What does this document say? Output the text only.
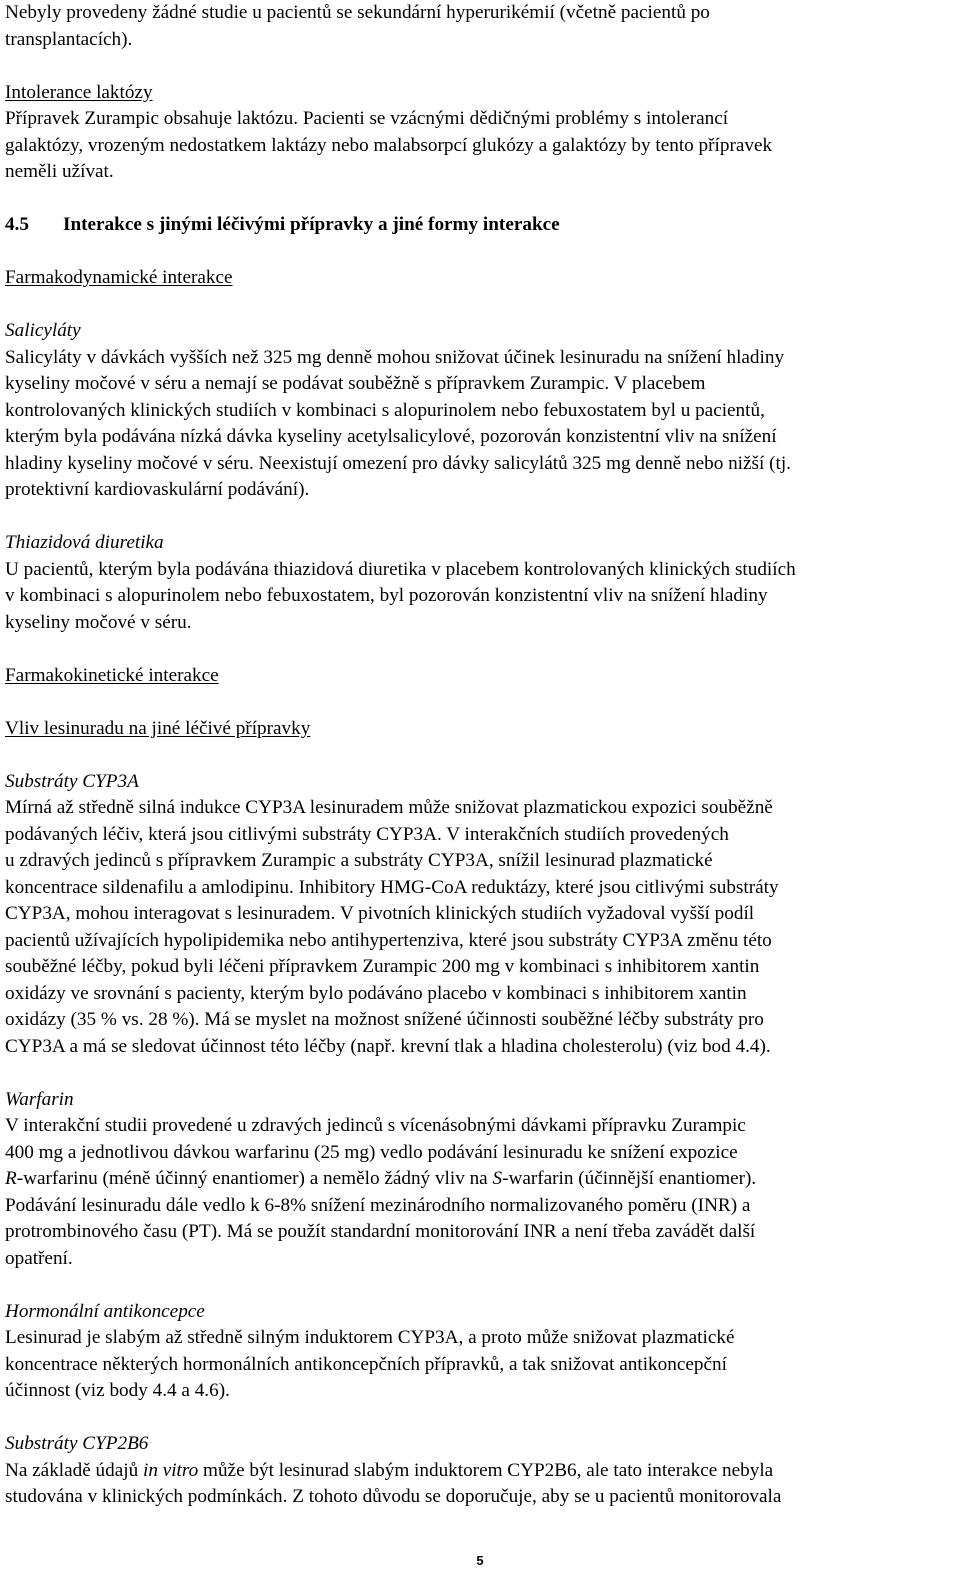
Nebyly provedeny žádné studie u pacientů se sekundární hyperurikémií (včetně pacientů po
transplantacích).

Intolerance laktózy
Přípravek Zurampic obsahuje laktózu. Pacienti se vzácnými dědičnými problémy s intolerancí
galaktózy, vrozeným nedostatkem laktázy nebo malabsorpcí glukózy a galaktózy by tento přípravek
neměli užívat.

4.5 Interakce s jinými léčivými přípravky a jiné formy interakce

Farmakodynamické interakce

Salicyláty
Salicyláty v dávkách vyšších než 325 mg denně mohou snižovat účinek lesinuradu na snížení hladiny
kyseliny močové v séru a nemají se podávat souběžně s přípravkem Zurampic. V placebem
kontrolovaných klinických studiích v kombinaci s alopurinolem nebo febuxostatem byl u pacientů,
kterým byla podávána nízká dávka kyseliny acetylsalicylové, pozorován konzistentní vliv na snížení
hladiny kyseliny močové v séru. Neexistují omezení pro dávky salicylátů 325 mg denně nebo nižší (tj.
protektivní kardiovaskulární podávání).

Thiazidová diuretika
U pacientů, kterým byla podávána thiazidová diuretika v placebem kontrolovaných klinických studiích
v kombinaci s alopurinolem nebo febuxostatem, byl pozorován konzistentní vliv na snížení hladiny
kyseliny močové v séru.

Farmakokinetické interakce

Vliv lesinuradu na jiné léčivé přípravky

Substráty CYP3A
Mírná až středně silná indukce CYP3A lesinuradem může snižovat plazmatickou expozici souběžně
podávaných léčiv, která jsou citlivými substráty CYP3A. V interakčních studiích provedených
u zdravých jedinců s přípravkem Zurampic a substráty CYP3A, snížil lesinurad plazmatické
koncentrace sildenafilu a amlodipinu. Inhibitory HMG-CoA reduktázy, které jsou citlivými substráty
CYP3A, mohou interagovat s lesinuradem. V pivotních klinických studiích vyžadoval vyšší podíl
pacientů užívajících hypolipidemika nebo antihypertenziva, které jsou substráty CYP3A změnu této
souběžné léčby, pokud byli léčeni přípravkem Zurampic 200 mg v kombinaci s inhibitorem xantin
oxidázy ve srovnání s pacienty, kterým bylo podáváno placebo v kombinaci s inhibitorem xantin
oxidázy (35 % vs. 28 %). Má se myslet na možnost snížené účinnosti souběžné léčby substráty pro
CYP3A a má se sledovat účinnost této léčby (např. krevní tlak a hladina cholesterolu) (viz bod 4.4).

Warfarin
V interakční studii provedené u zdravých jedinců s vícenásobnými dávkami přípravku Zurampic
400 mg a jednotlivou dávkou warfarinu (25 mg) vedlo podávání lesinuradu ke snížení expozice
R-warfarinu (méně účinný enantiomer) a nemělo žádný vliv na S-warfarin (účinnější enantiomer).
Podávání lesinuradu dále vedlo k 6-8% snížení mezinárodního normalizovaného poměru (INR) a
protrombinového času (PT). Má se použít standardní monitorování INR a není třeba zavádět další
opatření.

Hormonální antikoncepce
Lesinurad je slabým až středně silným induktorem CYP3A, a proto může snižovat plazmatické
koncentrace některých hormonálních antikoncepčních přípravků, a tak snižovat antikoncepční
účinnost (viz body 4.4 a 4.6).

Substráty CYP2B6
Na základě údajů in vitro může být lesinurad slabým induktorem CYP2B6, ale tato interakce nebyla
studována v klinických podmínkách. Z tohoto důvodu se doporučuje, aby se u pacientů monitorovala

5
